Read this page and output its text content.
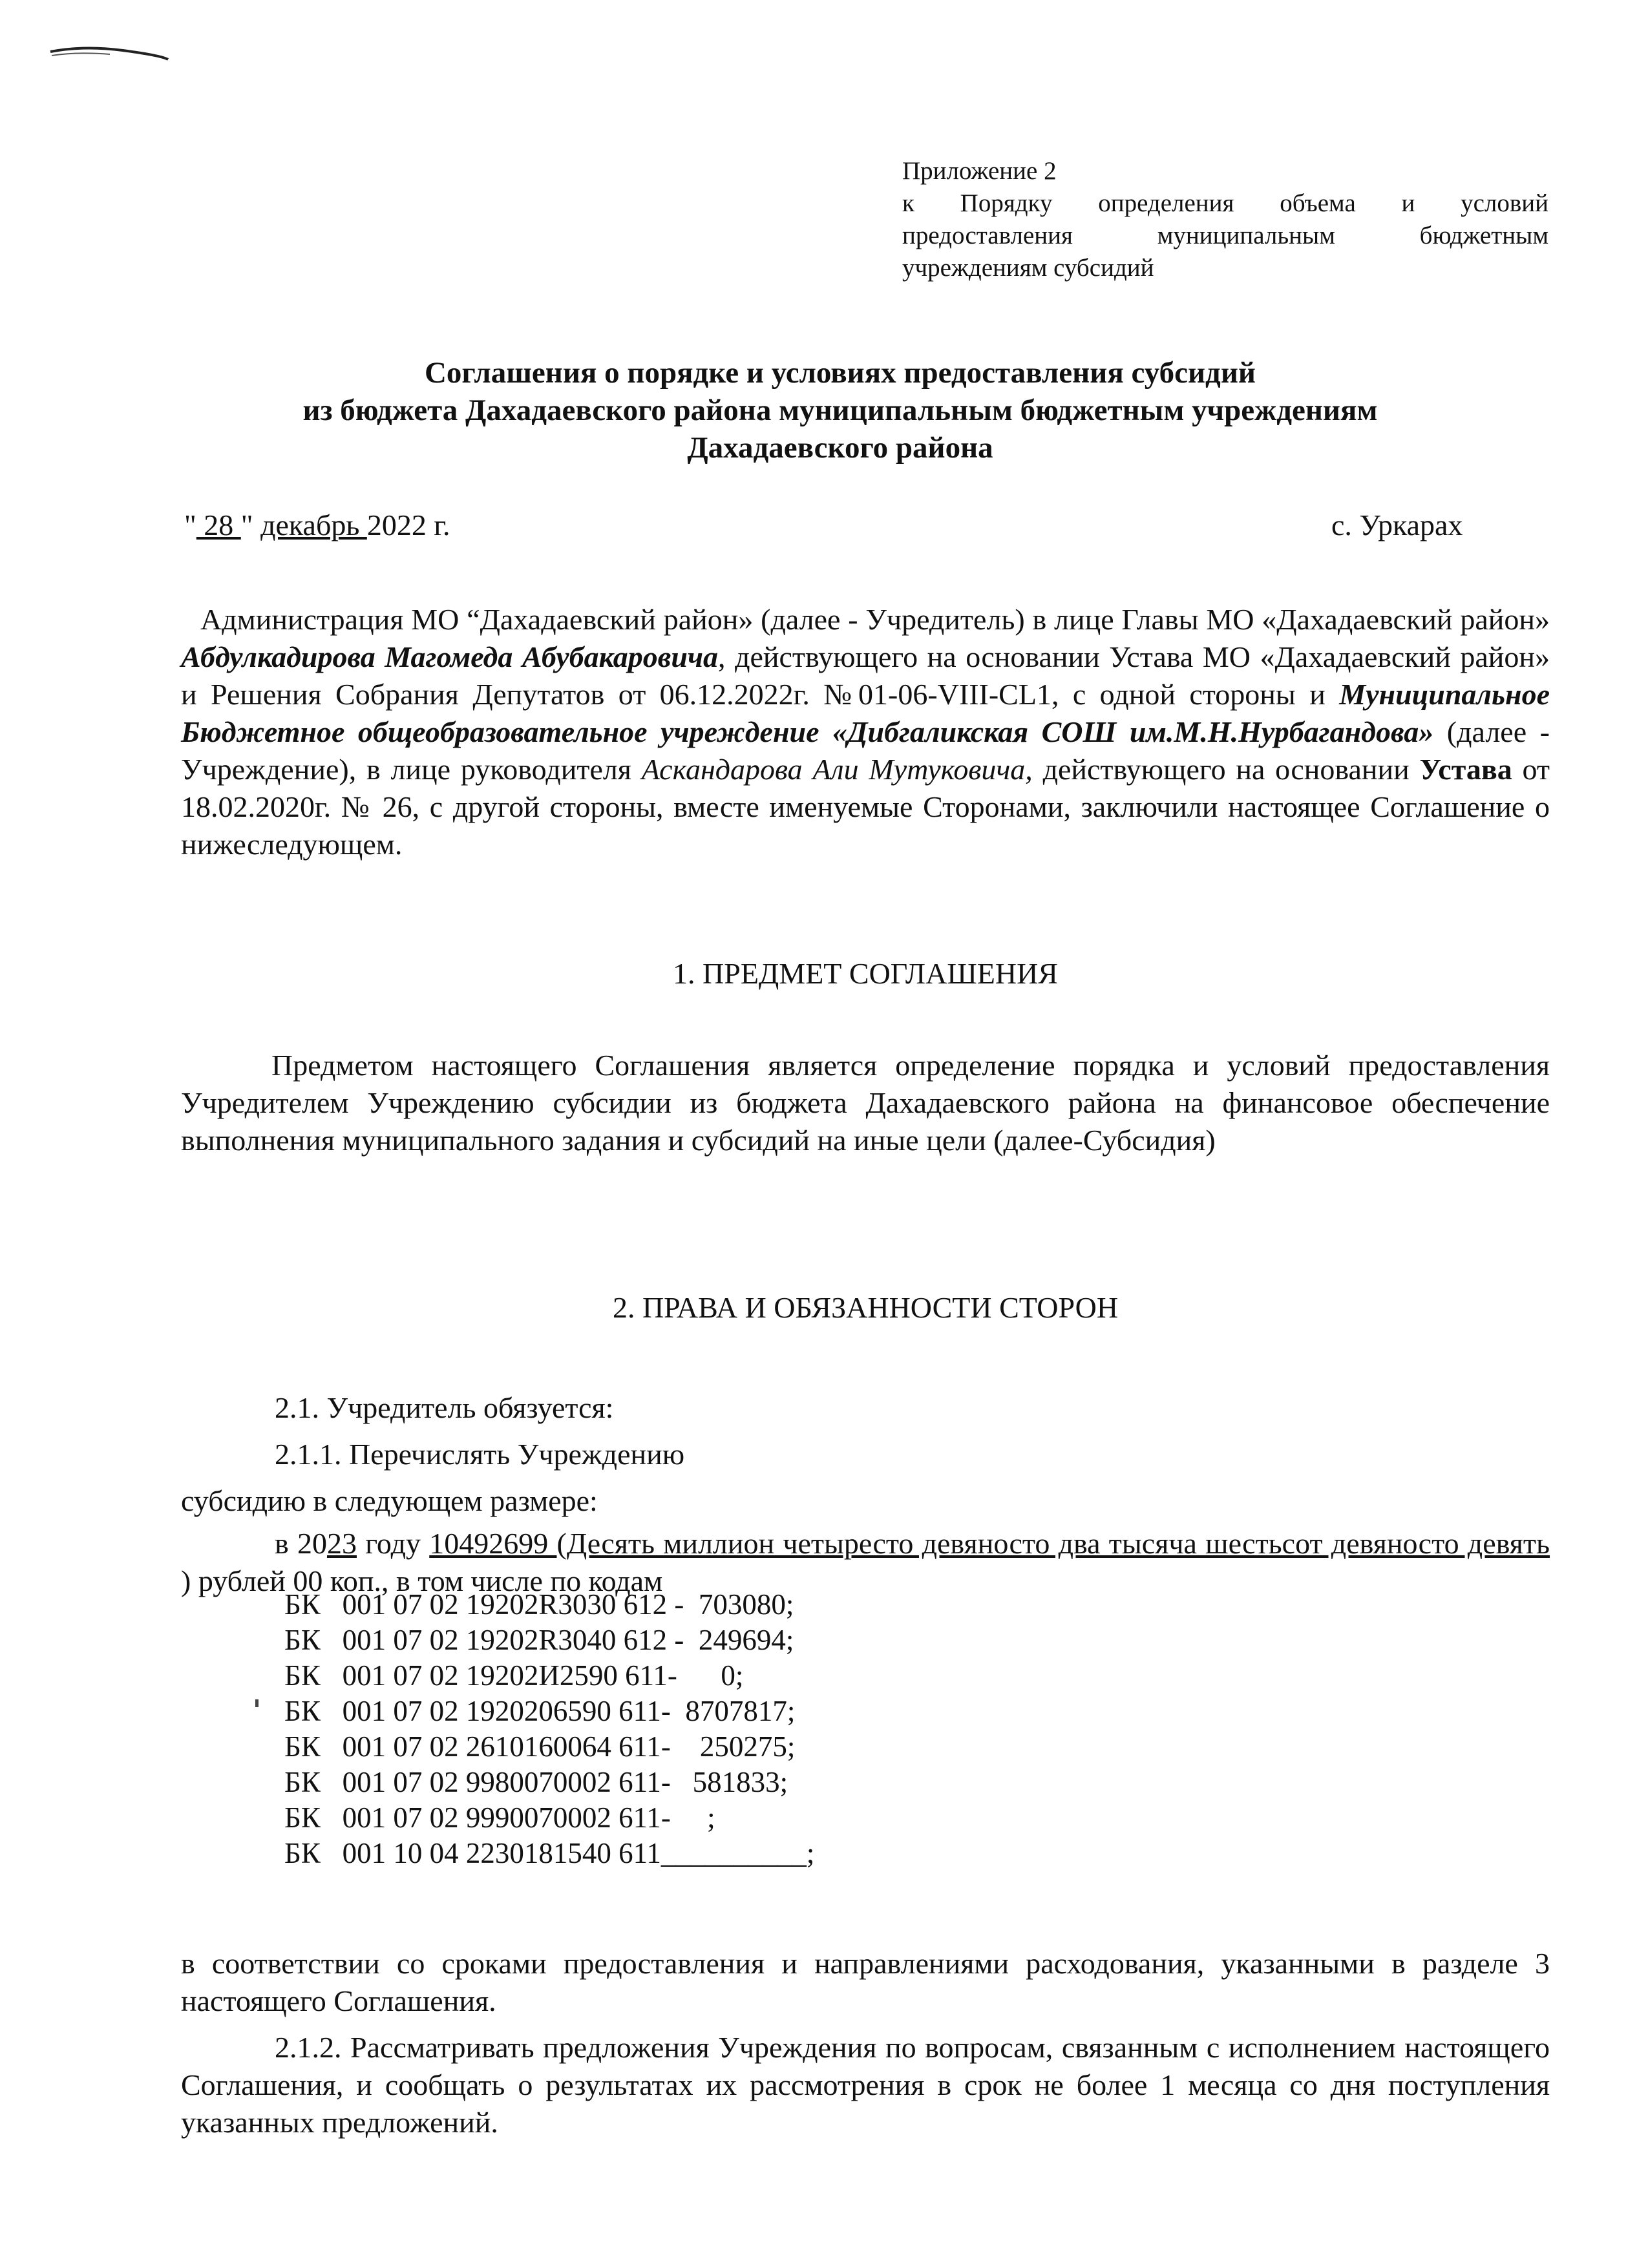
Приложение 2
к Порядку определения объема и условий
предоставления муниципальным бюджетным
учреждениям субсидий
Соглашения о порядке и условиях предоставления субсидий
из бюджета Дахадаевского района муниципальным бюджетным учреждениям
Дахадаевского района
" 28 " декабрь 2022 г.	с. Уркарах
Администрация МО “Дахадаевский район» (далее - Учредитель) в лице Главы МО «Дахадаевский район» Абдулкадирова Магомеда Абубакаровича, действующего на основании Устава МО «Дахадаевский район» и Решения Собрания Депутатов от 06.12.2022г. №01-06-VIII-CL1, с одной стороны и Муниципальное Бюджетное общеобразовательное учреждение «Дибгаликская СОШ им.М.Н.Нурбагандова» (далее - Учреждение), в лице руководителя Аскандарова Али Мутуковича, действующего на основании Устава от 18.02.2020г. № 26, с другой стороны, вместе именуемые Сторонами, заключили настоящее Соглашение о нижеследующем.
1. ПРЕДМЕТ СОГЛАШЕНИЯ
Предметом настоящего Соглашения является определение порядка и условий предоставления Учредителем Учреждению субсидии из бюджета Дахадаевского района на финансовое обеспечение выполнения муниципального задания и субсидий на иные цели (далее-Субсидия)
2. ПРАВА И ОБЯЗАННОСТИ СТОРОН
2.1. Учредитель обязуется:
2.1.1. Перечислять Учреждению
субсидию в следующем размере:
в 2023 году 10492699 (Десять миллион четыресто девяносто два тысяча шестьсот девяносто девять ) рублей 00 коп., в том числе по кодам
БК   001 07 02 19202R3030 612 -  703080;
БК   001 07 02 19202R3040 612 -  249694;
БК   001 07 02 19202И2590 611-      0;
БК   001 07 02 1920206590 611-  8707817;
БК   001 07 02 2610160064 611-    250275;
БК   001 07 02 9980070002 611-   581833;
БК   001 07 02 9990070002 611-     ;
БК   001 10 04 2230181540 611__________;
в соответствии со сроками предоставления и направлениями расходования, указанными в разделе 3 настоящего Соглашения.
2.1.2. Рассматривать предложения Учреждения по вопросам, связанным с исполнением настоящего Соглашения, и сообщать о результатах их рассмотрения в срок не более 1 месяца со дня поступления указанных предложений.
